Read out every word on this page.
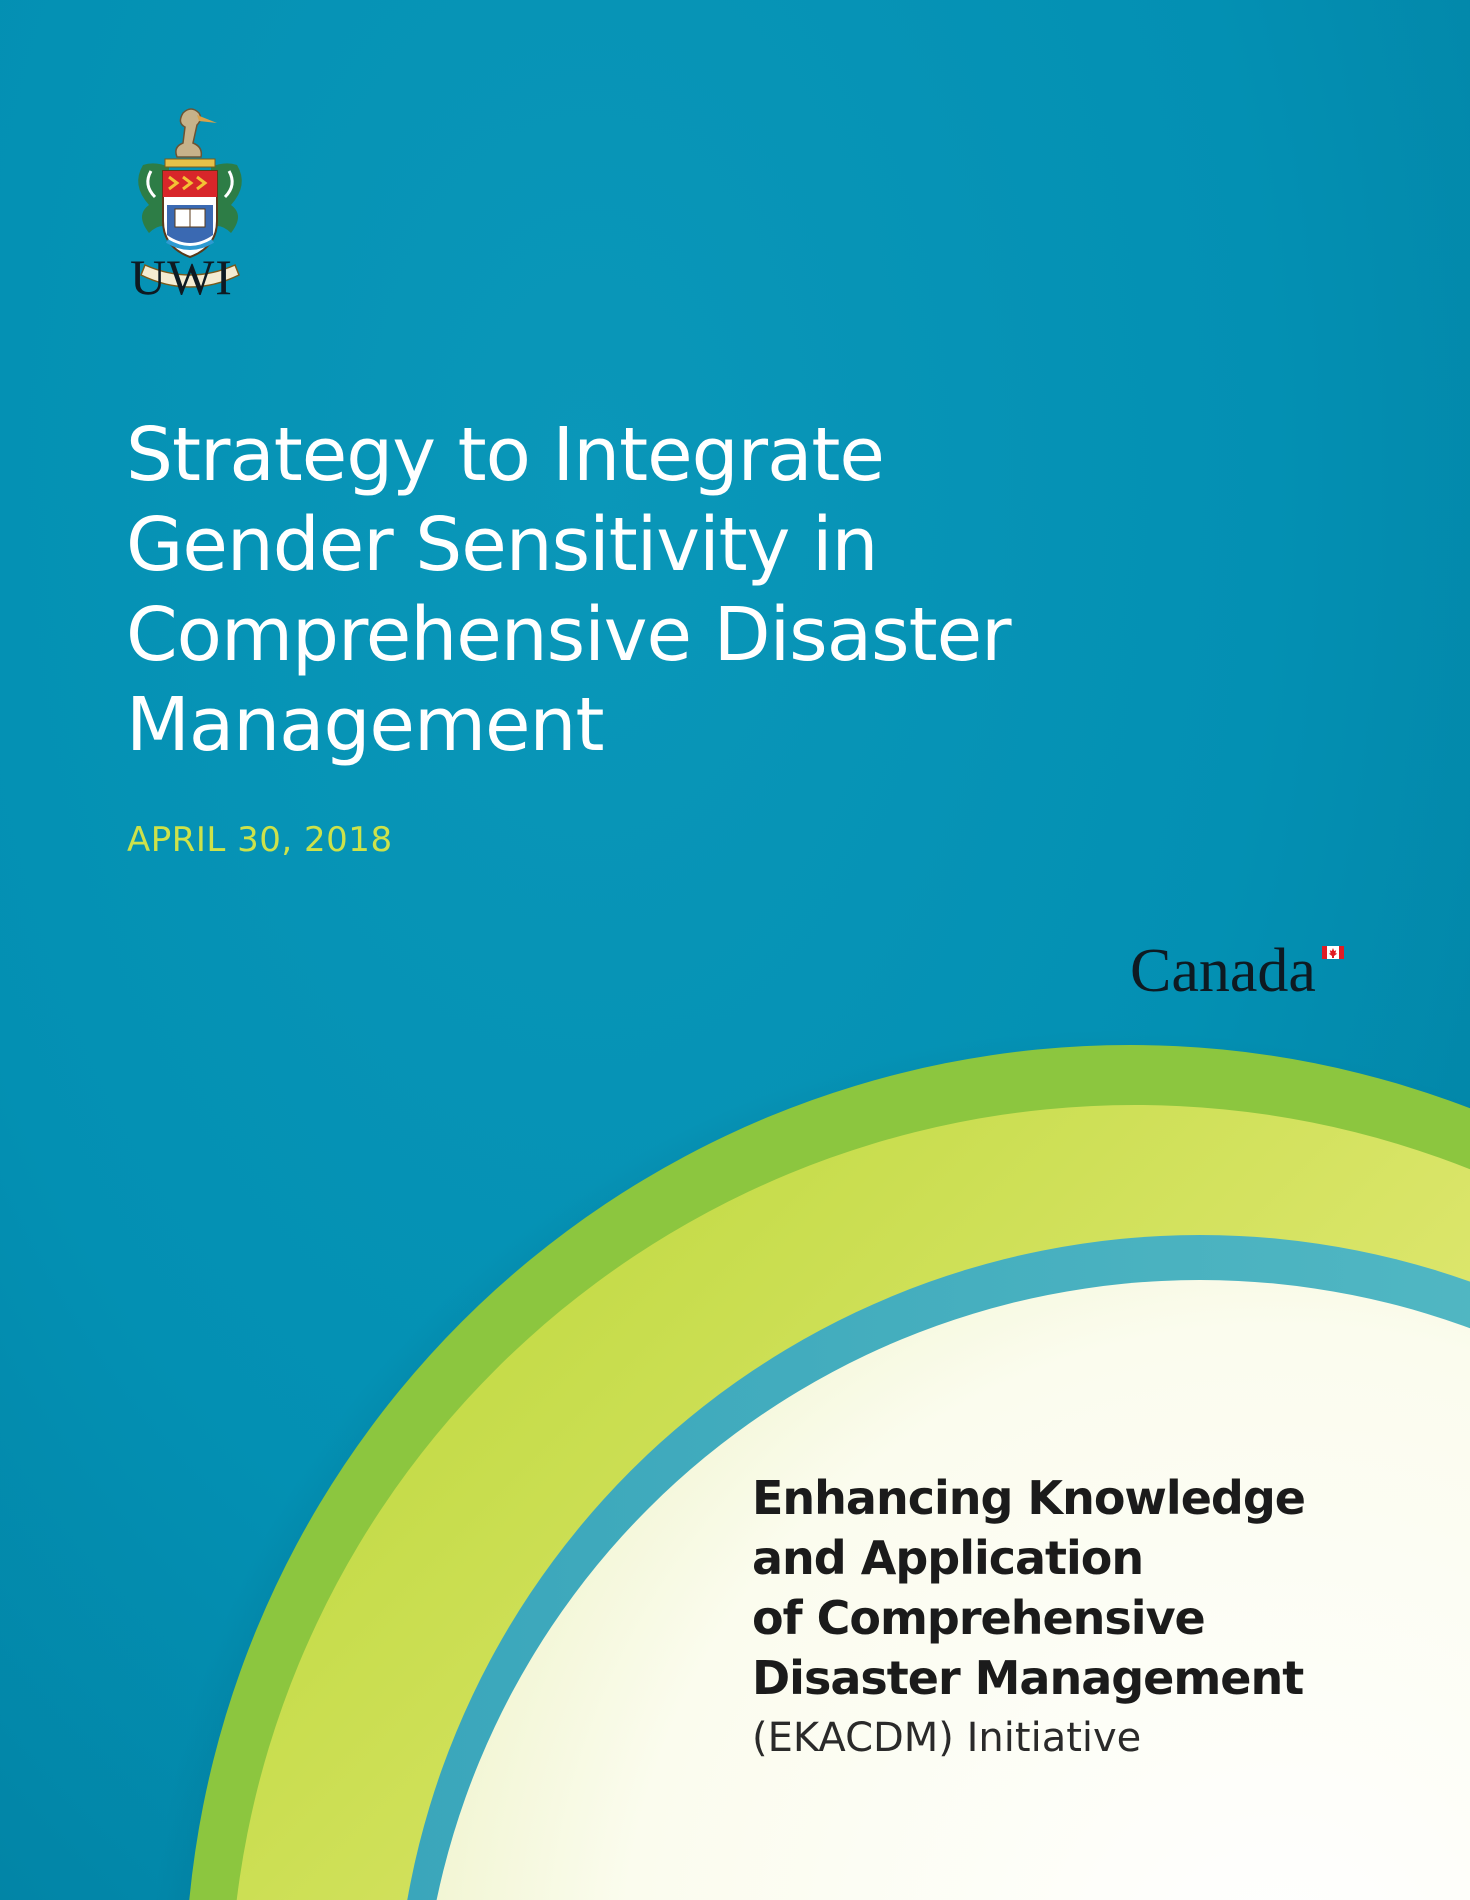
UWI
Strategy to Integrate
Gender Sensitivity in
Comprehensive Disaster
Management
APRIL 30, 2018
Canada
Enhancing Knowledge
and Application
of Comprehensive
Disaster Management
(EKACDM) Initiative
